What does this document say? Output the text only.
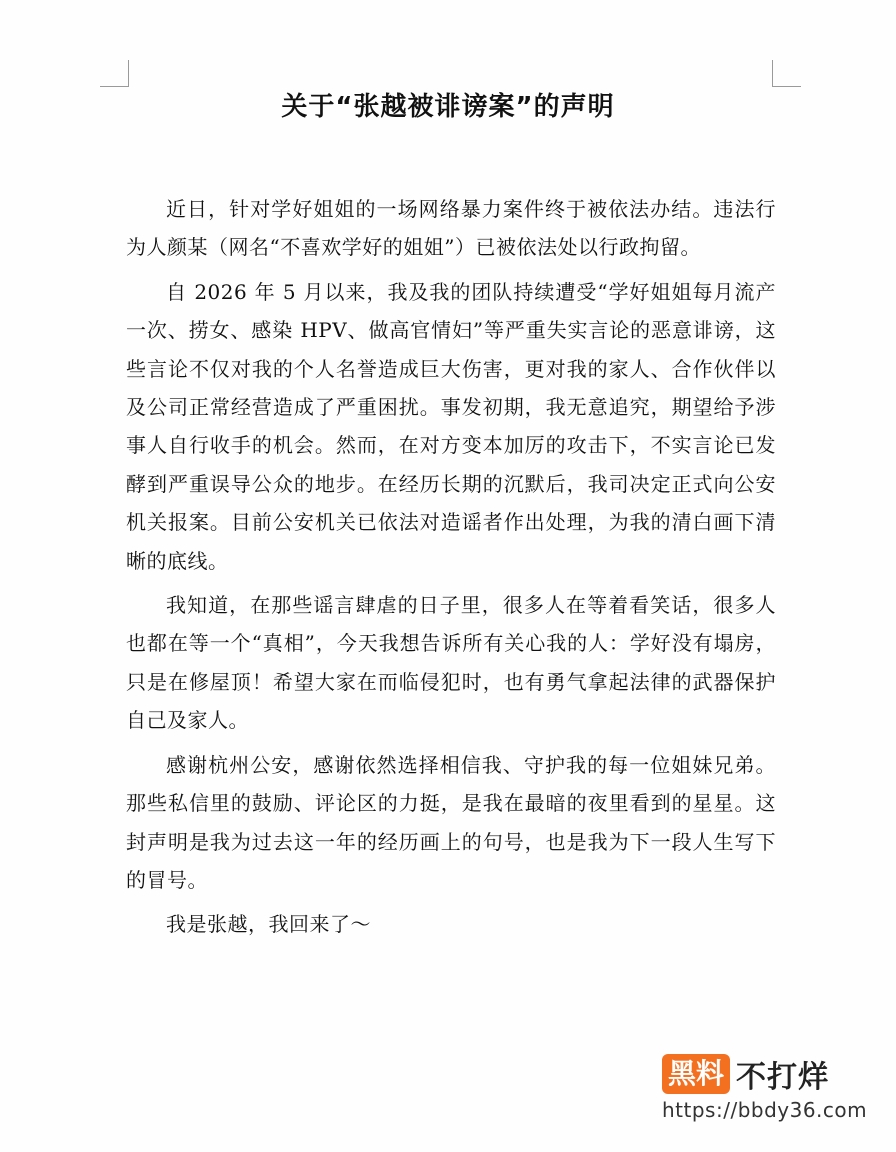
关于“张越被诽谤案”的声明

近日，针对学好姐姐的一场网络暴力案件终于被依法办结。违法行为人颜某（网名“不喜欢学好的姐姐”）已被依法处以行政拘留。

自 2026 年 5 月以来，我及我的团队持续遭受“学好姐姐每月流产一次、捞女、感染 HPV、做高官情妇”等严重失实言论的恶意诽谤，这些言论不仅对我的个人名誉造成巨大伤害，更对我的家人、合作伙伴以及公司正常经营造成了严重困扰。事发初期，我无意追究，期望给予涉事人自行收手的机会。然而，在对方变本加厉的攻击下，不实言论已发酵到严重误导公众的地步。在经历长期的沉默后，我司决定正式向公安机关报案。目前公安机关已依法对造谣者作出处理，为我的清白画下清晰的底线。

我知道，在那些谣言肆虐的日子里，很多人在等着看笑话，很多人也都在等一个“真相”，今天我想告诉所有关心我的人：学好没有塌房，只是在修屋顶！希望大家在而临侵犯时，也有勇气拿起法律的武器保护自己及家人。

感谢杭州公安，感谢依然选择相信我、守护我的每一位姐妹兄弟。那些私信里的鼓励、评论区的力挺，是我在最暗的夜里看到的星星。这封声明是我为过去这一年的经历画上的句号，也是我为下一段人生写下的冒号。

我是张越，我回来了～

黑料 不打烊
https://bbdy36.com
